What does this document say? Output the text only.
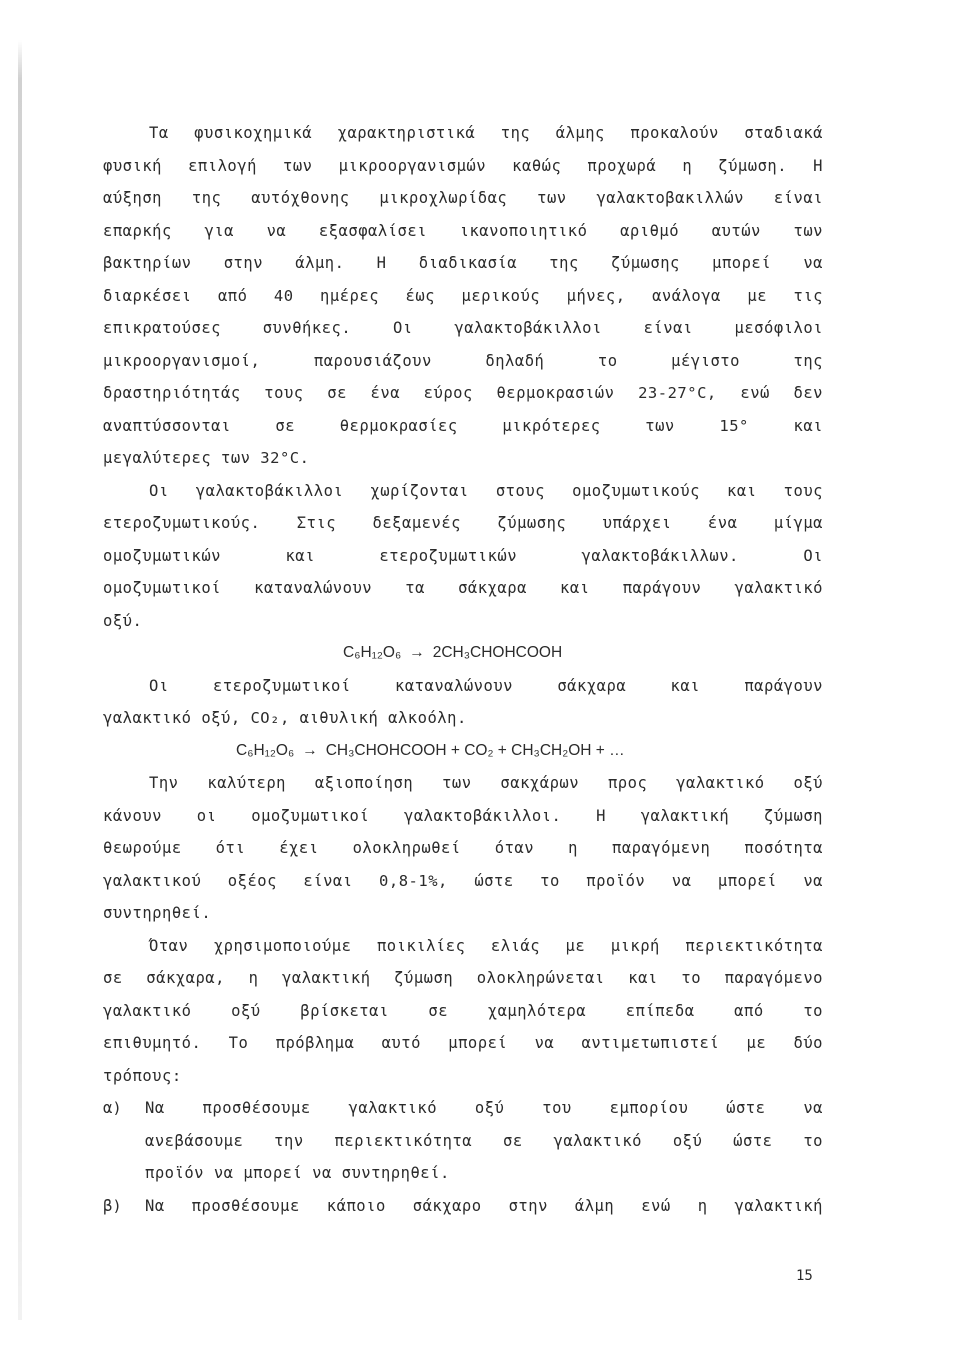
Τα φυσικοχημικά χαρακτηριστικά της άλμης προκαλούν σταδιακά
φυσική επιλογή των μικροοργανισμών καθώς προχωρά η ζύμωση. Η
αύξηση της αυτόχθονης μικροχλωρίδας των γαλακτοβακιλλών είναι
επαρκής για να εξασφαλίσει ικανοποιητικό αριθμό αυτών των
βακτηρίων στην άλμη. Η διαδικασία της ζύμωσης μπορεί να
διαρκέσει από 40 ημέρες έως μερικούς μήνες, ανάλογα με τις
επικρατούσες συνθήκες. Οι γαλακτοβάκιλλοι είναι μεσόφιλοι
μικροοργανισμοί, παρουσιάζουν δηλαδή το μέγιστο της
δραστηριότητάς τους σε ένα εύρος θερμοκρασιών 23-27°C, ενώ δεν
αναπτύσσονται σε θερμοκρασίες μικρότερες των 15° και
μεγαλύτερες των 32°C.
Οι γαλακτοβάκιλλοι χωρίζονται στους ομοζυμωτικούς και τους
ετεροζυμωτικούς. Στις δεξαμενές ζύμωσης υπάρχει ένα μίγμα
ομοζυμωτικών και ετεροζυμωτικών γαλακτοβάκιλλων. Οι
ομοζυμωτικοί καταναλώνουν τα σάκχαρα και παράγουν γαλακτικό
οξύ.
C₆H₁₂O₆ → 2CH₃CHOHCOOH
Οι ετεροζυμωτικοί καταναλώνουν σάκχαρα και παράγουν
γαλακτικό οξύ, CO₂, αιθυλική αλκοόλη.
C₆H₁₂O₆ → CH₃CHOHCOOH + CO₂ + CH₃CH₂OH + …
Την καλύτερη αξιοποίηση των σακχάρων προς γαλακτικό οξύ
κάνουν οι ομοζυμωτικοί γαλακτοβάκιλλοι. Η γαλακτική ζύμωση
θεωρούμε ότι έχει ολοκληρωθεί όταν η παραγόμενη ποσότητα
γαλακτικού οξέος είναι 0,8-1%, ώστε το προϊόν να μπορεί να
συντηρηθεί.
Όταν χρησιμοποιούμε ποικιλίες ελιάς με μικρή περιεκτικότητα
σε σάκχαρα, η γαλακτική ζύμωση ολοκληρώνεται και το παραγόμενο
γαλακτικό οξύ βρίσκεται σε χαμηλότερα επίπεδα από το
επιθυμητό. Το πρόβλημα αυτό μπορεί να αντιμετωπιστεί με δύο
τρόπους:
α) Να προσθέσουμε γαλακτικό οξύ του εμπορίου ώστε να
ανεβάσουμε την περιεκτικότητα σε γαλακτικό οξύ ώστε το
προϊόν να μπορεί να συντηρηθεί.
β) Να προσθέσουμε κάποιο σάκχαρο στην άλμη ενώ η γαλακτική
15
